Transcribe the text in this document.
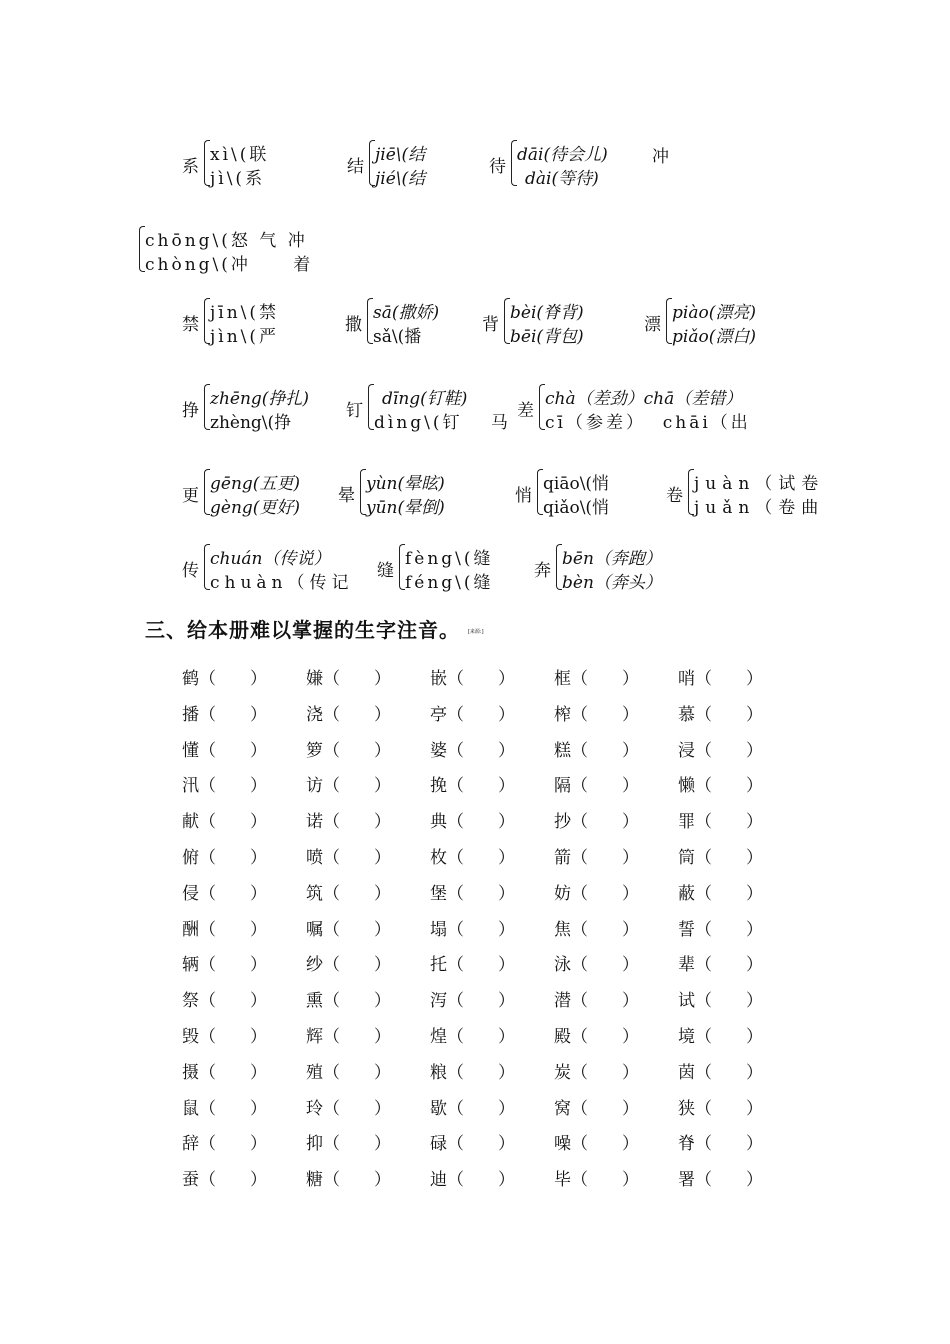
系
xì\(联
jì\(系
结
jiē\(结
jié\(结
待
dāi(待会儿)
dài(等待)
冲
chōng\(怒 气 冲
chòng\(冲 着
禁
jīn\(禁
jìn\(严
撒
sā(撒娇)
sǎ\(播
背
bèi(脊背)
bēi(背包)
漂
piào(漂亮)
piǎo(漂白)
挣
zhēng(挣扎)
zhèng\(挣
钉
dīng(钉鞋)
dìng\(钉 马
差
chà（差劲）chā（差错）
cī（参差）  chāi（出
更
gēng(五更)
gèng(更好)
晕
yùn(晕眩)
yūn(晕倒)
悄
qiāo\(悄
qiǎo\(悄
卷
juàn（试卷
juǎn（卷曲
传
chuán（传说）
chuàn（传记
缝
fèng\(缝
féng\(缝
奔
bēn（奔跑）
bèn（奔头）
三、给本册难以掌握的生字注音。 [来源:]
鹤（　　）	嫌（　　）	嵌（　　）	框（　　）	哨（　　）
播（　　）	浇（　　）	亭（　　）	榨（　　）	慕（　　）
懂（　　）	箩（　　）	婆（　　）	糕（　　）	浸（　　）
汛（　　）	访（　　）	挽（　　）	隔（　　）	懒（　　）
献（　　）	诺（　　）	典（　　）	抄（　　）	罪（　　）
俯（　　）	喷（　　）	枚（　　）	箭（　　）	筒（　　）
侵（　　）	筑（　　）	堡（　　）	妨（　　）	蔽（　　）
酬（　　）	嘱（　　）	塌（　　）	焦（　　）	誓（　　）
辆（　　）	纱（　　）	托（　　）	泳（　　）	辈（　　）
祭（　　）	熏（　　）	泻（　　）	潜（　　）	试（　　）
毁（　　）	辉（　　）	煌（　　）	殿（　　）	境（　　）
摄（　　）	殖（　　）	粮（　　）	炭（　　）	茵（　　）
鼠（　　）	玲（　　）	歇（　　）	窝（　　）	狭（　　）
辞（　　）	抑（　　）	碌（　　）	噪（　　）	脊（　　）
蚕（　　）	糖（　　）	迪（　　）	毕（　　）	署（　　）
